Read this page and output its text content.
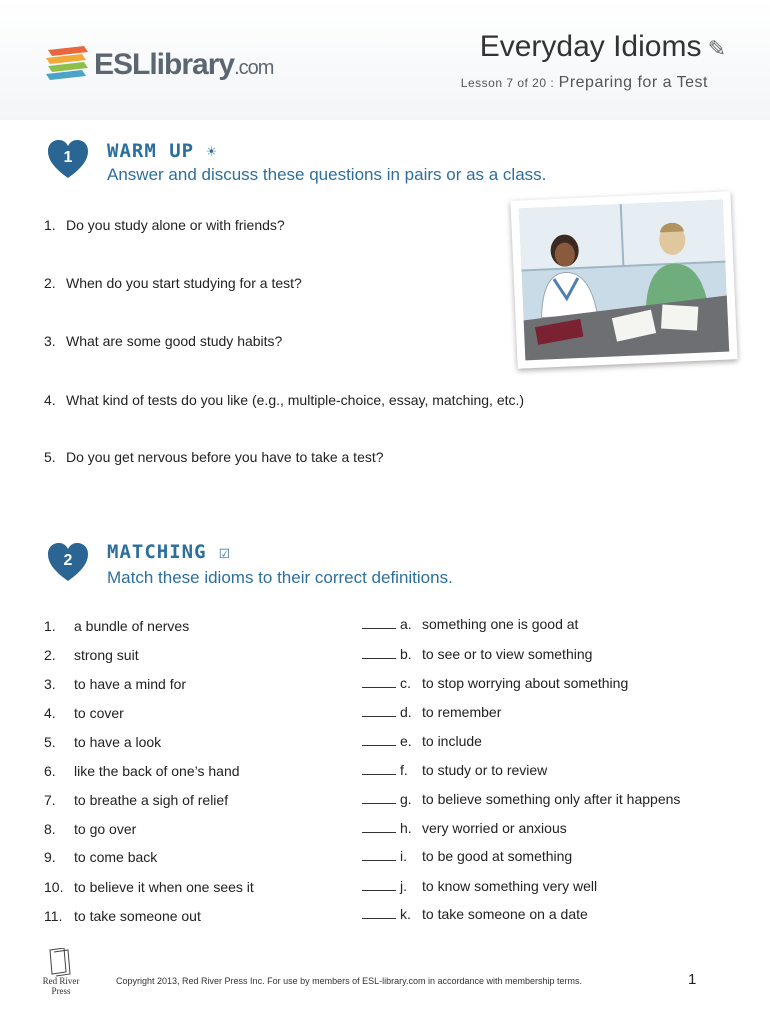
ESLlibrary.com
Everyday Idioms ✎
Lesson 7 of 20 : Preparing for a Test
1	WARM UP ☀
Answer and discuss these questions in pairs or as a class.
1. Do you study alone or with friends?
2. When do you start studying for a test?
3. What are some good study habits?
4. What kind of tests do you like (e.g., multiple-choice, essay, matching, etc.)
5. Do you get nervous before you have to take a test?
2	MATCHING ☑
Match these idioms to their correct definitions.
1. a bundle of nerves
2. strong suit
3. to have a mind for
4. to cover
5. to have a look
6. like the back of one’s hand
7. to breathe a sigh of relief
8. to go over
9. to come back
10. to believe it when one sees it
11. to take someone out
a. something one is good at
b. to see or to view something
c. to stop worrying about something
d. to remember
e. to include
f. to study or to review
g. to believe something only after it happens
h. very worried or anxious
i. to be good at something
j. to know something very well
k. to take someone on a date
Red River Press
Copyright 2013, Red River Press Inc. For use by members of ESL-library.com in accordance with membership terms.	1
